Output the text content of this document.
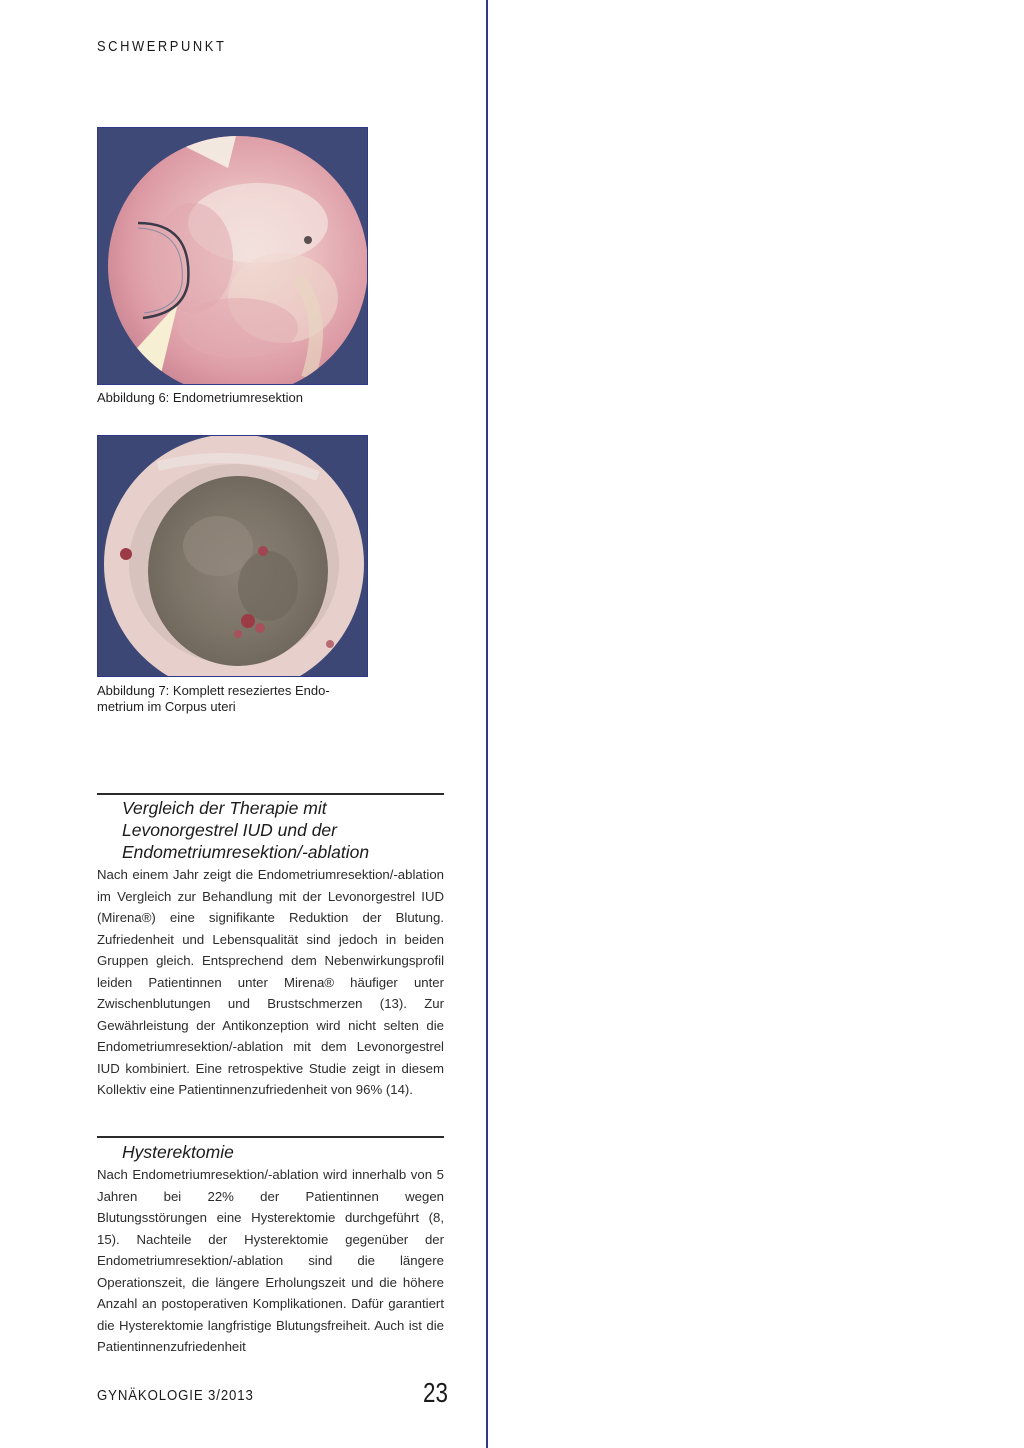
SCHWERPUNKT
Abbildung 6: Endometriumresektion
Abbildung 7: Komplett reseziertes Endo-
metrium im Corpus uteri
Vergleich der Therapie mit
Levonorgestrel IUD und der
Endometriumresektion/-ablation

Nach einem Jahr zeigt die Endometriumresektion/-ablation im Vergleich zur Behandlung mit der Levonorgestrel IUD (Mirena®) eine signifikante Reduktion der Blutung. Zufriedenheit und Lebensqualität sind jedoch in beiden Gruppen gleich. Entsprechend dem Nebenwirkungsprofil leiden Patientinnen unter Mirena® häufiger unter Zwischenblutungen und Brustschmerzen (13). Zur Gewährleistung der Antikonzeption wird nicht selten die Endometriumresektion/-ablation mit dem Levonorgestrel IUD kombiniert. Eine retrospektive Studie zeigt in diesem Kollektiv eine Patientinnenzufriedenheit von 96% (14).

Hysterektomie

Nach Endometriumresektion/-ablation wird innerhalb von 5 Jahren bei 22% der Patientinnen wegen Blutungsstörungen eine Hysterektomie durchgeführt (8, 15). Nachteile der Hysterektomie gegenüber der Endometriumresektion/-ablation sind die längere Operationszeit, die längere Erholungszeit und die höhere Anzahl an postoperativen Komplikationen. Dafür garantiert die Hysterektomie langfristige Blutungsfreiheit. Auch ist die Patientinnenzufriedenheit

GYNÄKOLOGIE 3/2013	23
